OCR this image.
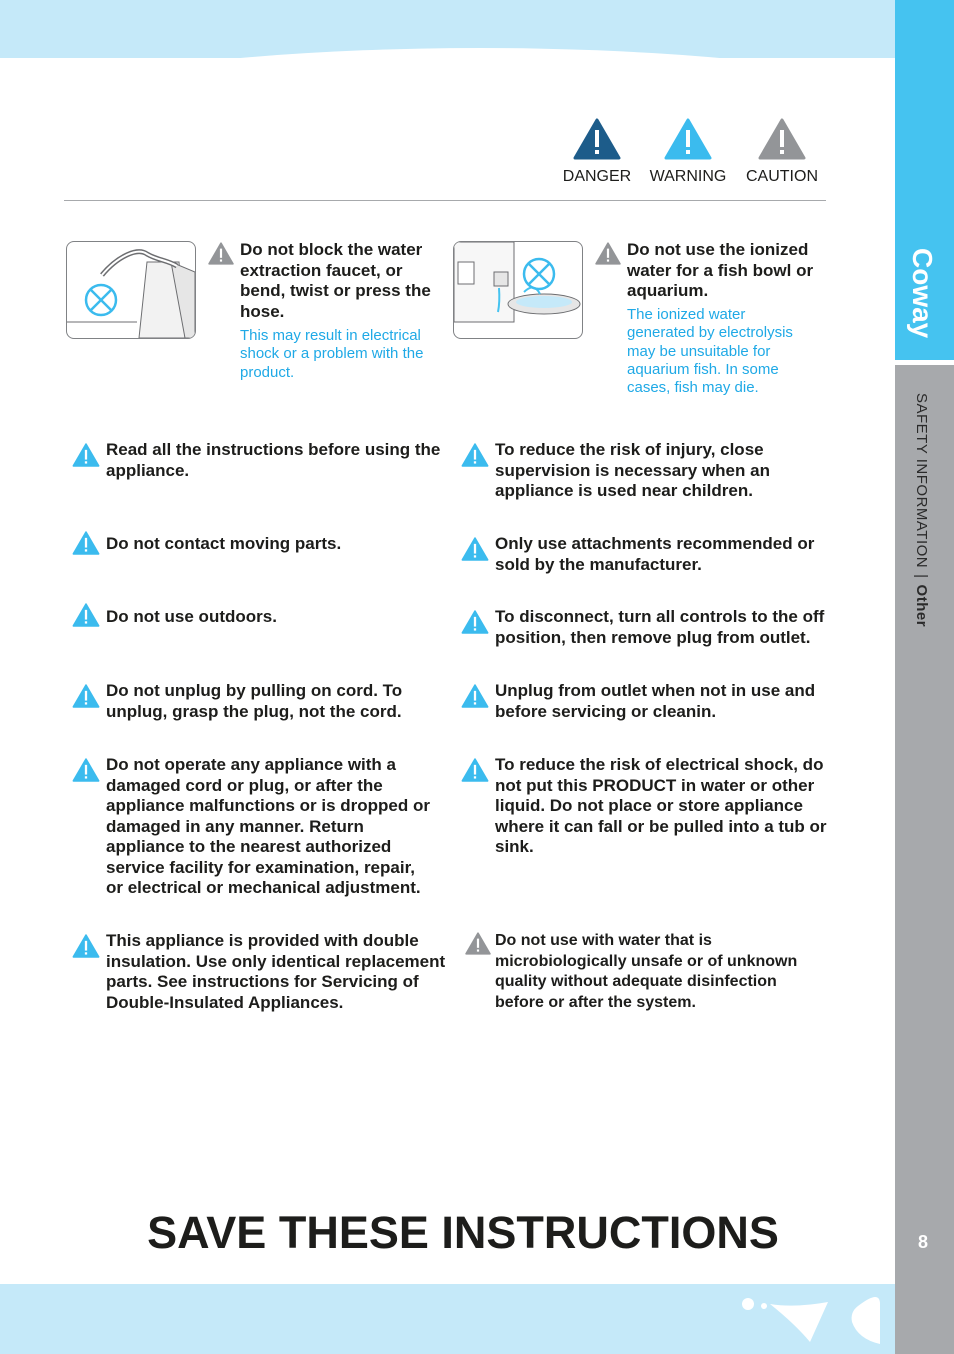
Coway
SAFETY INFORMATION|Other
8
DANGER WARNING CAUTION
Do not block the water extraction faucet, or bend, twist or press the hose.
This may result in electrical shock or a problem with the product.
Do not use the ionized water for a fish bowl or aquarium.
The ionized water generated by electrolysis may be unsuitable for aquarium fish. In some cases, fish may die.
Read all the instructions before using the appliance.
Do not contact moving parts.
Do not use outdoors.
Do not unplug by pulling on cord. To unplug, grasp the plug, not the cord.
Do not operate any appliance with a damaged cord or plug, or after the appliance malfunctions or is dropped or damaged in any manner. Return appliance to the nearest authorized service facility for examination, repair, or electrical or mechanical adjustment.
This appliance is provided with double insulation. Use only identical replacement parts. See instructions for Servicing of Double-Insulated Appliances.
To reduce the risk of injury, close supervision is necessary when an appliance is used near children.
Only use attachments recommended or sold by the manufacturer.
To disconnect, turn all controls to the off position, then remove plug from outlet.
Unplug from outlet when not in use and before servicing or cleanin.
To reduce the risk of electrical shock, do not put this PRODUCT in water or other liquid. Do not place or store appliance where it can fall or be pulled into a tub or sink.
Do not use with water that is microbiologically unsafe or of unknown quality without adequate disinfection before or after the system.
SAVE THESE INSTRUCTIONS
